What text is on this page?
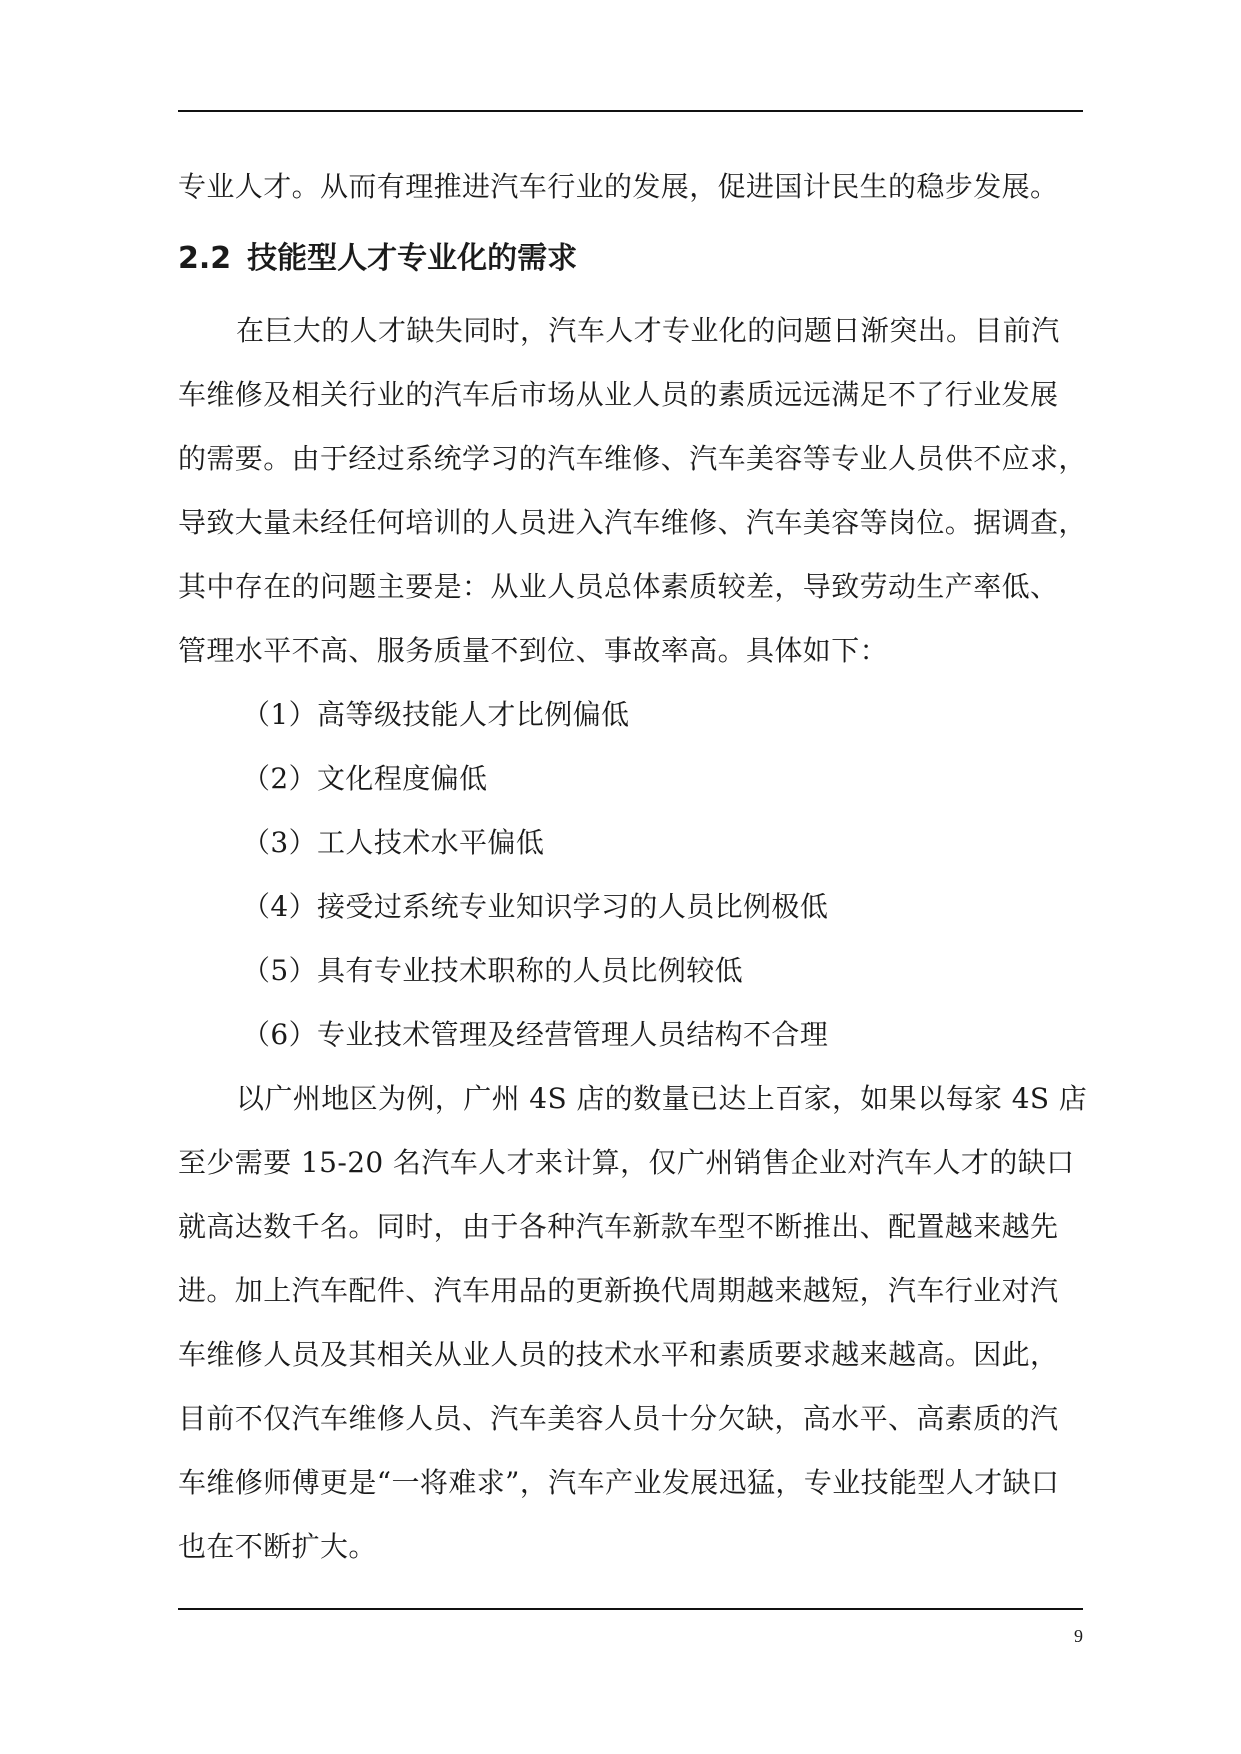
专业人才。从而有理推进汽车行业的发展，促进国计民生的稳步发展。
2.2 技能型人才专业化的需求
在巨大的人才缺失同时，汽车人才专业化的问题日渐突出。目前汽
车维修及相关行业的汽车后市场从业人员的素质远远满足不了行业发展
的需要。由于经过系统学习的汽车维修、汽车美容等专业人员供不应求，
导致大量未经任何培训的人员进入汽车维修、汽车美容等岗位。据调查，
其中存在的问题主要是：从业人员总体素质较差，导致劳动生产率低、
管理水平不高、服务质量不到位、事故率高。具体如下：
（1）高等级技能人才比例偏低
（2）文化程度偏低
（3）工人技术水平偏低
（4）接受过系统专业知识学习的人员比例极低
（5）具有专业技术职称的人员比例较低
（6）专业技术管理及经营管理人员结构不合理
以广州地区为例，广州 4S 店的数量已达上百家，如果以每家 4S 店
至少需要 15-20 名汽车人才来计算，仅广州销售企业对汽车人才的缺口
就高达数千名。同时，由于各种汽车新款车型不断推出、配置越来越先
进。加上汽车配件、汽车用品的更新换代周期越来越短，汽车行业对汽
车维修人员及其相关从业人员的技术水平和素质要求越来越高。因此，
目前不仅汽车维修人员、汽车美容人员十分欠缺，高水平、高素质的汽
车维修师傅更是“一将难求”，汽车产业发展迅猛，专业技能型人才缺口
也在不断扩大。
9
